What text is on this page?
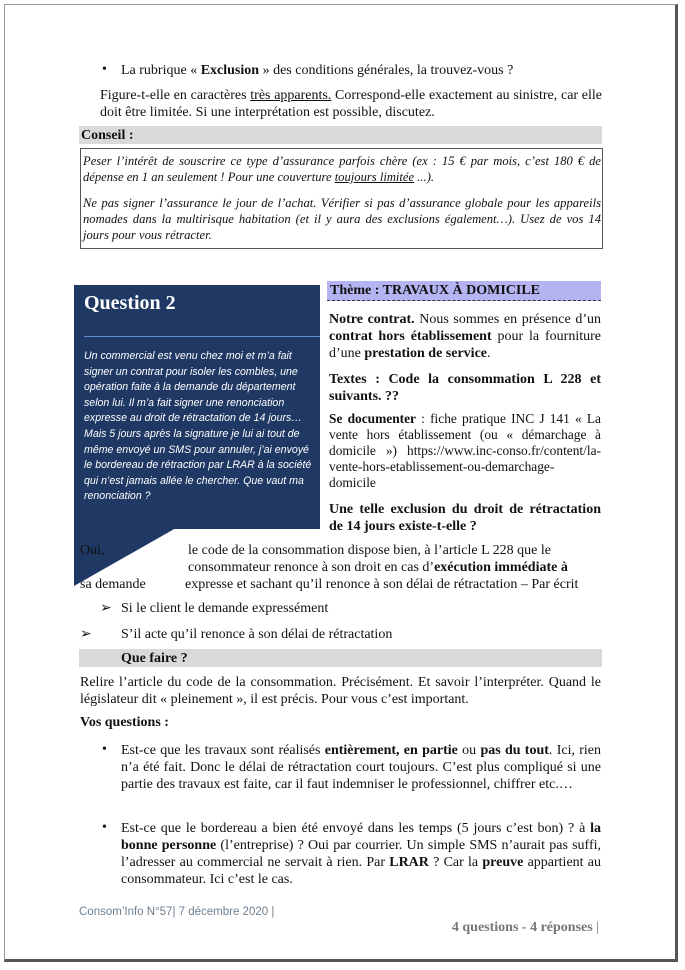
• La rubrique « Exclusion » des conditions générales, la trouvez-vous ?
Figure-t-elle en caractères très apparents. Correspond-elle exactement au sinistre, car elle doit être limitée. Si une interprétation est possible, discutez.
Conseil :
Peser l’intérêt de souscrire ce type d’assurance parfois chère (ex : 15 € par mois, c’est 180 € de dépense en 1 an seulement ! Pour une couverture toujours limitée ...).
Ne pas signer l’assurance le jour de l’achat. Vérifier si pas d’assurance globale pour les appareils nomades dans la multirisque habitation (et il y aura des exclusions également…). Usez de vos 14 jours pour vous rétracter.
Question 2
Un commercial est venu chez moi et m’a fait signer un contrat pour isoler les combles, une opération faite à la demande du département selon lui. Il m’a fait signer une renonciation expresse au droit de rétractation de 14 jours… Mais 5 jours après la signature je lui ai tout de même envoyé un SMS pour annuler, j’ai envoyé le bordereau de rétraction par LRAR à la société qui n’est jamais allée le chercher. Que vaut ma renonciation ?
Thème : TRAVAUX À DOMICILE
Notre contrat. Nous sommes en présence d’un contrat hors établissement pour la fourniture d’une prestation de service.
Textes : Code la consommation L 228 et suivants. ??
Se documenter : fiche pratique INC J 141 « La vente hors établissement (ou « démarchage à domicile ») https://www.inc-conso.fr/content/la-vente-hors-etablissement-ou-demarchage-domicile
Une telle exclusion du droit de rétractation de 14 jours existe-t-elle ?
Oui,	le code de la consommation dispose bien, à l’article L 228 que le
consommateur renonce à son droit en cas d’exécution immédiate à
sa demande	expresse et sachant qu’il renonce à son délai de rétractation – Par écrit
➢ Si le client le demande expressément
➢ S’il acte qu’il renonce à son délai de rétractation
Que faire ?
Relire l’article du code de la consommation. Précisément. Et savoir l’interpréter. Quand le législateur dit « pleinement », il est précis. Pour vous c’est important.
Vos questions :
• Est-ce que les travaux sont réalisés entièrement, en partie ou pas du tout. Ici, rien n’a été fait. Donc le délai de rétractation court toujours. C’est plus compliqué si une partie des travaux est faite, car il faut indemniser le professionnel, chiffrer etc.…
• Est-ce que le bordereau a bien été envoyé dans les temps (5 jours c’est bon) ? à la bonne personne (l’entreprise) ? Oui par courrier. Un simple SMS n’aurait pas suffi, l’adresser au commercial ne servait à rien. Par LRAR ? Car la preuve appartient au consommateur. Ici c’est le cas.
Consom’Info N°57| 7 décembre 2020 |
4 questions - 4 réponses |
